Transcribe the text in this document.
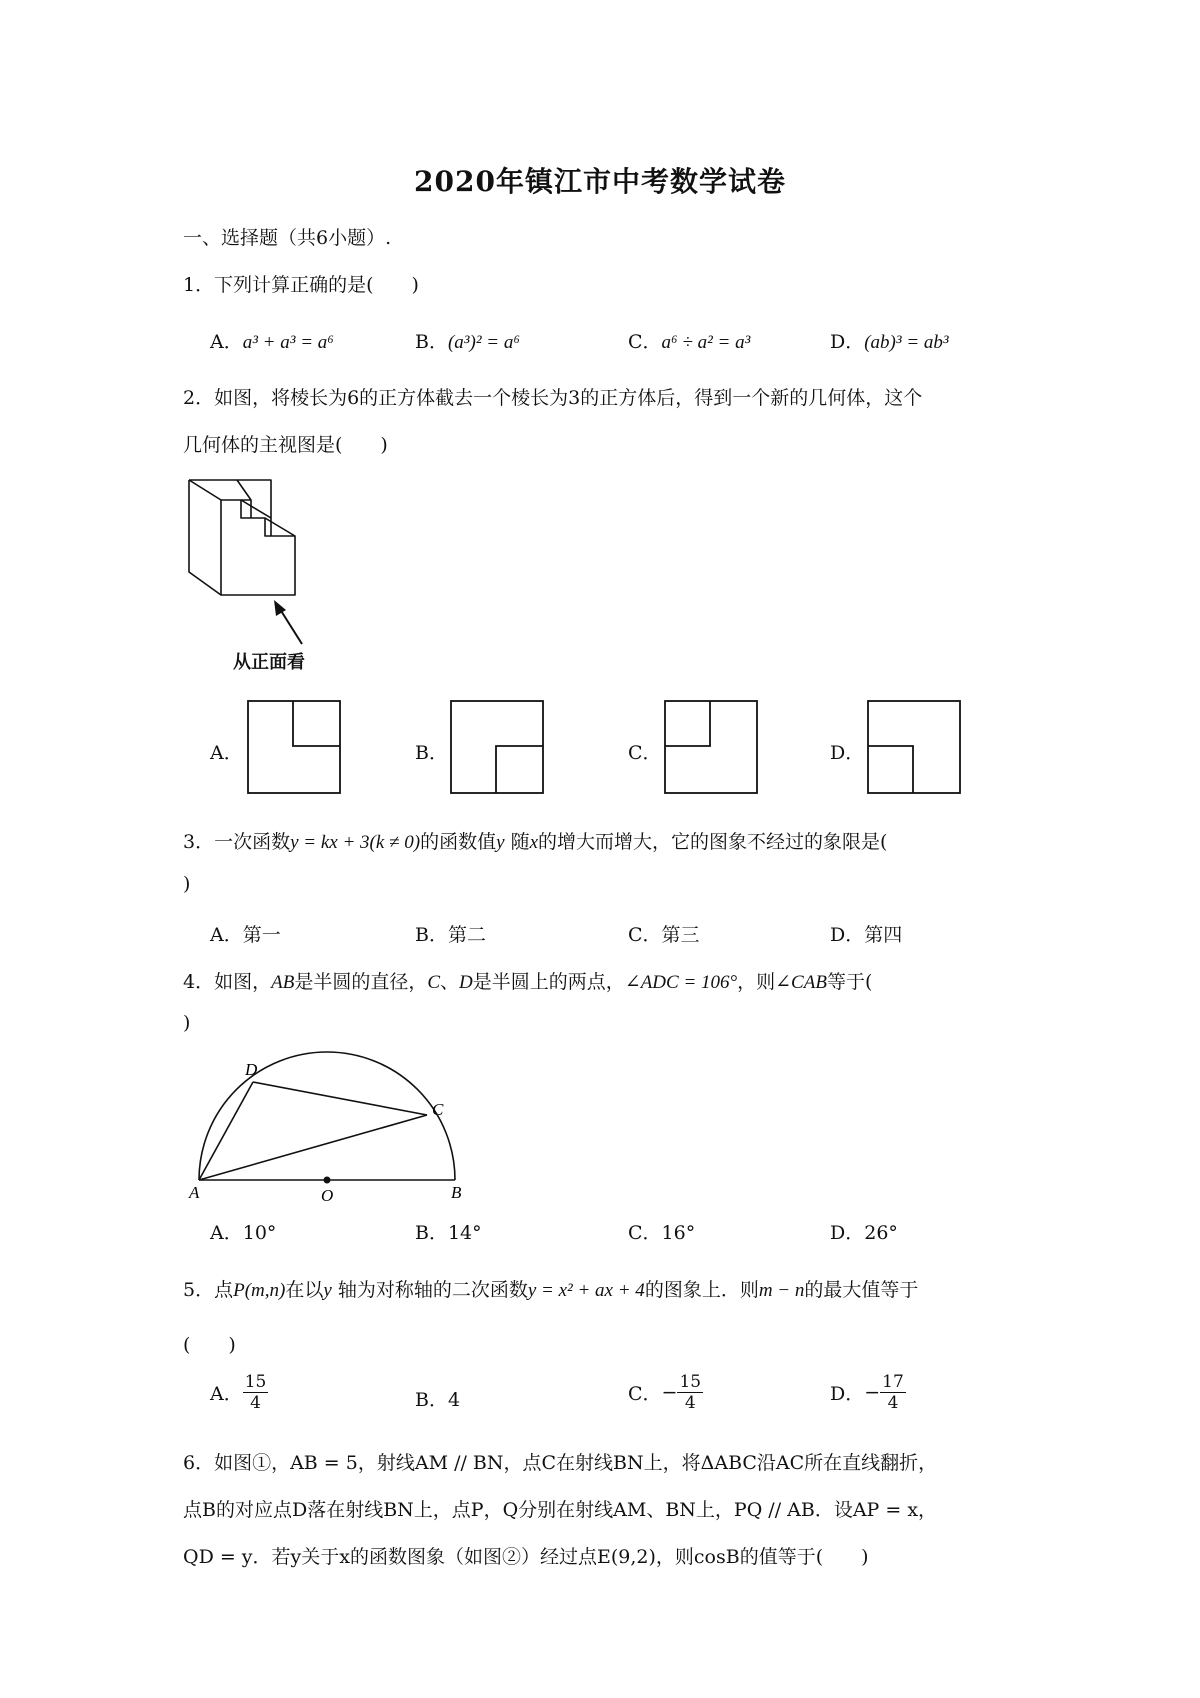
2020年镇江市中考数学试卷
一、选择题（共6小题）.
1．下列计算正确的是(　　)
A．a³ + a³ = a⁶	B．(a³)² = a⁶	C．a⁶ ÷ a² = a³	D．(ab)³ = ab³
2．如图，将棱长为6的正方体截去一个棱长为3的正方体后，得到一个新的几何体，这个
几何体的主视图是(　　)
从正面看
A．	B．	C．	D．
3．一次函数y = kx + 3(k ≠ 0)的函数值y 随x的增大而增大，它的图象不经过的象限是(
)
A．第一	B．第二	C．第三	D．第四
4．如图，AB是半圆的直径，C、D是半圆上的两点，∠ADC = 106°，则∠CAB等于(
)
A	B
C
D
O
A．10°	B．14°	C．16°	D．26°
5．点P(m,n)在以y 轴为对称轴的二次函数y = x² + ax + 4的图象上．则m − n的最大值等于
(　　)
A． $\frac{15}{4}$	B．4	C．− $\frac{15}{4}$	D．− $\frac{17}{4}$
6．如图①，AB = 5，射线AM // BN，点C在射线BN上，将ΔABC沿AC所在直线翻折，
点B的对应点D落在射线BN上，点P，Q分别在射线AM、BN上，PQ // AB．设AP = x，
QD = y．若y关于x的函数图象（如图②）经过点E(9,2)，则cosB的值等于(　　)
